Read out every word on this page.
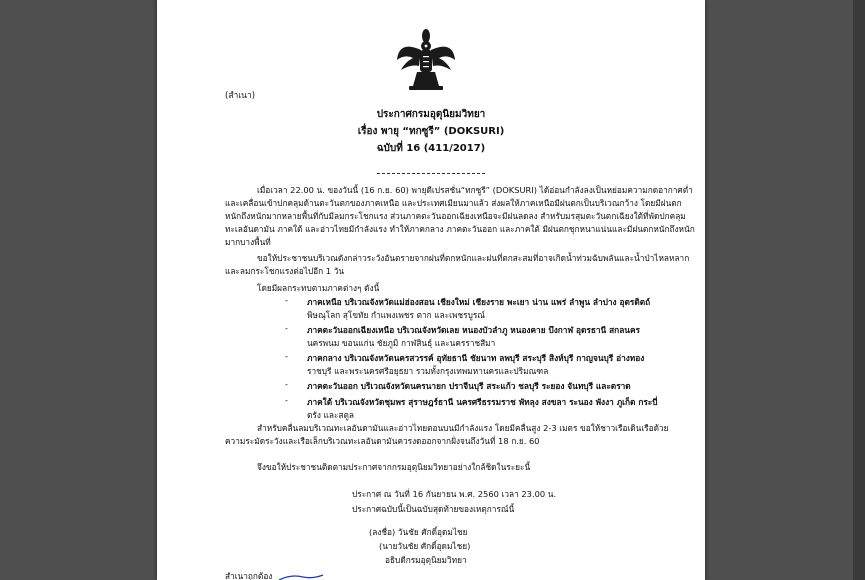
(สำเนา)
ประกาศกรมอุตุนิยมวิทยา
เรื่อง พายุ “ทกซูรี” (DOKSURI)
ฉบับที่ 16 (411/2017)
เมื่อเวลา 22.00 น. ของวันนี้ (16 ก.ย. 60) พายุดีเปรสชั่น“ทกซูรี” (DOKSURI) ได้อ่อนกำลังลงเป็นหย่อมความกดอากาศต่ำ
และเคลื่อนเข้าปกคลุมด้านตะวันตกของภาคเหนือ และประเทศเมียนมาแล้ว ส่งผลให้ภาคเหนือมีฝนตกเป็นบริเวณกว้าง โดยมีฝนตก
หนักถึงหนักมากหลายพื้นที่กับมีลมกระโชกแรง ส่วนภาคตะวันออกเฉียงเหนือจะมีฝนลดลง สำหรับมรสุมตะวันตกเฉียงใต้ที่พัดปกคลุม
ทะเลอันดามัน ภาคใต้ และอ่าวไทยมีกำลังแรง ทำให้ภาคกลาง ภาคตะวันออก และภาคใต้ มีฝนตกชุกหนาแน่นและมีฝนตกหนักถึงหนัก
มากบางพื้นที่
ขอให้ประชาชนบริเวณดังกล่าวระวังอันตรายจากฝนที่ตกหนักและฝนที่ตกสะสมที่อาจเกิดน้ำท่วมฉับพลันและน้ำป่าไหลหลาก
และลมกระโชกแรงต่อไปอีก 1 วัน
โดยมีผลกระทบตามภาคต่างๆ ดังนี้
- ภาคเหนือ บริเวณจังหวัดแม่ฮ่องสอน เชียงใหม่ เชียงราย พะเยา น่าน แพร่ ลำพูน ลำปาง อุตรดิตถ์
พิษณุโลก สุโขทัย กำแพงเพชร ตาก และเพชรบูรณ์
- ภาคตะวันออกเฉียงเหนือ บริเวณจังหวัดเลย หนองบัวลำภู หนองคาย บึงกาฬ อุดรธานี สกลนคร
นครพนม ขอนแก่น ชัยภูมิ กาฬสินธุ์ และนครราชสีมา
- ภาคกลาง บริเวณจังหวัดนครสวรรค์ อุทัยธานี ชัยนาท ลพบุรี สระบุรี สิงห์บุรี กาญจนบุรี อ่างทอง
ราชบุรี และพระนครศรีอยุธยา รวมทั้งกรุงเทพมหานครและปริมณฑล
- ภาคตะวันออก บริเวณจังหวัดนครนายก ปราจีนบุรี สระแก้ว ชลบุรี ระยอง จันทบุรี และตราด
- ภาคใต้ บริเวณจังหวัดชุมพร สุราษฎร์ธานี นครศรีธรรมราช พัทลุง สงขลา ระนอง พังงา ภูเก็ต กระบี่
ตรัง และสตูล
สำหรับคลื่นลมบริเวณทะเลอันดามันและอ่าวไทยตอนบนมีกำลังแรง โดยมีคลื่นสูง 2-3 เมตร ขอให้ชาวเรือเดินเรือด้วย
ความระมัดระวังและเรือเล็กบริเวณทะเลอันดามันควรงดออกจากฝั่งจนถึงวันที่ 18 ก.ย. 60
จึงขอให้ประชาชนติดตามประกาศจากกรมอุตุนิยมวิทยาอย่างใกล้ชิดในระยะนี้
ประกาศ ณ วันที่ 16 กันยายน พ.ศ. 2560 เวลา 23.00 น.
ประกาศฉบับนี้เป็นฉบับสุดท้ายของเหตุการณ์นี้
(ลงชื่อ) วันชัย ศักดิ์อุดมไชย
(นายวันชัย ศักดิ์อุดมไชย)
อธิบดีกรมอุตุนิยมวิทยา
สำเนาถูกต้อง
